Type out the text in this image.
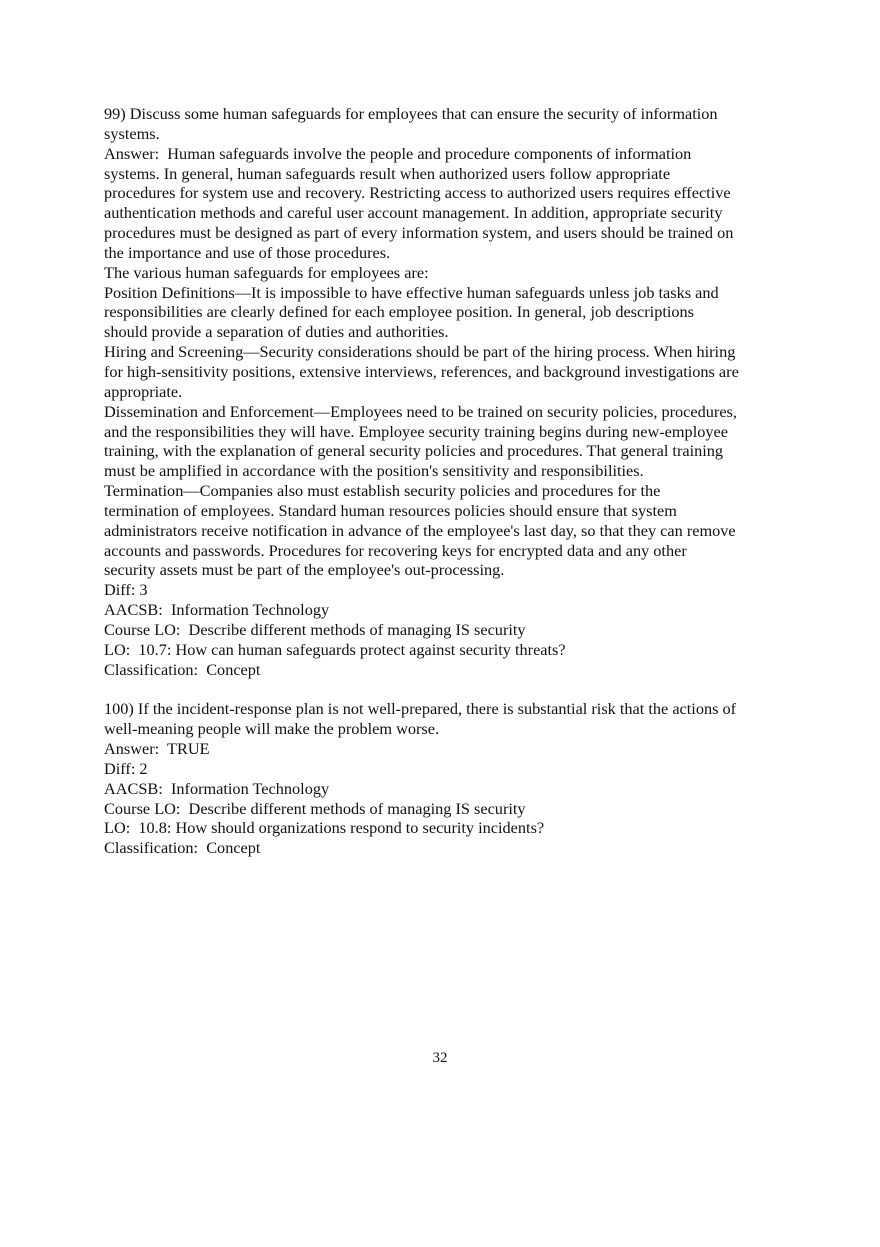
99) Discuss some human safeguards for employees that can ensure the security of information
systems.
Answer:  Human safeguards involve the people and procedure components of information
systems. In general, human safeguards result when authorized users follow appropriate
procedures for system use and recovery. Restricting access to authorized users requires effective
authentication methods and careful user account management. In addition, appropriate security
procedures must be designed as part of every information system, and users should be trained on
the importance and use of those procedures.
The various human safeguards for employees are:
Position Definitions—It is impossible to have effective human safeguards unless job tasks and
responsibilities are clearly defined for each employee position. In general, job descriptions
should provide a separation of duties and authorities.
Hiring and Screening—Security considerations should be part of the hiring process. When hiring
for high-sensitivity positions, extensive interviews, references, and background investigations are
appropriate.
Dissemination and Enforcement—Employees need to be trained on security policies, procedures,
and the responsibilities they will have. Employee security training begins during new-employee
training, with the explanation of general security policies and procedures. That general training
must be amplified in accordance with the position's sensitivity and responsibilities.
Termination—Companies also must establish security policies and procedures for the
termination of employees. Standard human resources policies should ensure that system
administrators receive notification in advance of the employee's last day, so that they can remove
accounts and passwords. Procedures for recovering keys for encrypted data and any other
security assets must be part of the employee's out-processing.
Diff: 3
AACSB:  Information Technology
Course LO:  Describe different methods of managing IS security
LO:  10.7: How can human safeguards protect against security threats?
Classification:  Concept
100) If the incident-response plan is not well-prepared, there is substantial risk that the actions of
well-meaning people will make the problem worse.
Answer:  TRUE
Diff: 2
AACSB:  Information Technology
Course LO:  Describe different methods of managing IS security
LO:  10.8: How should organizations respond to security incidents?
Classification:  Concept
32
